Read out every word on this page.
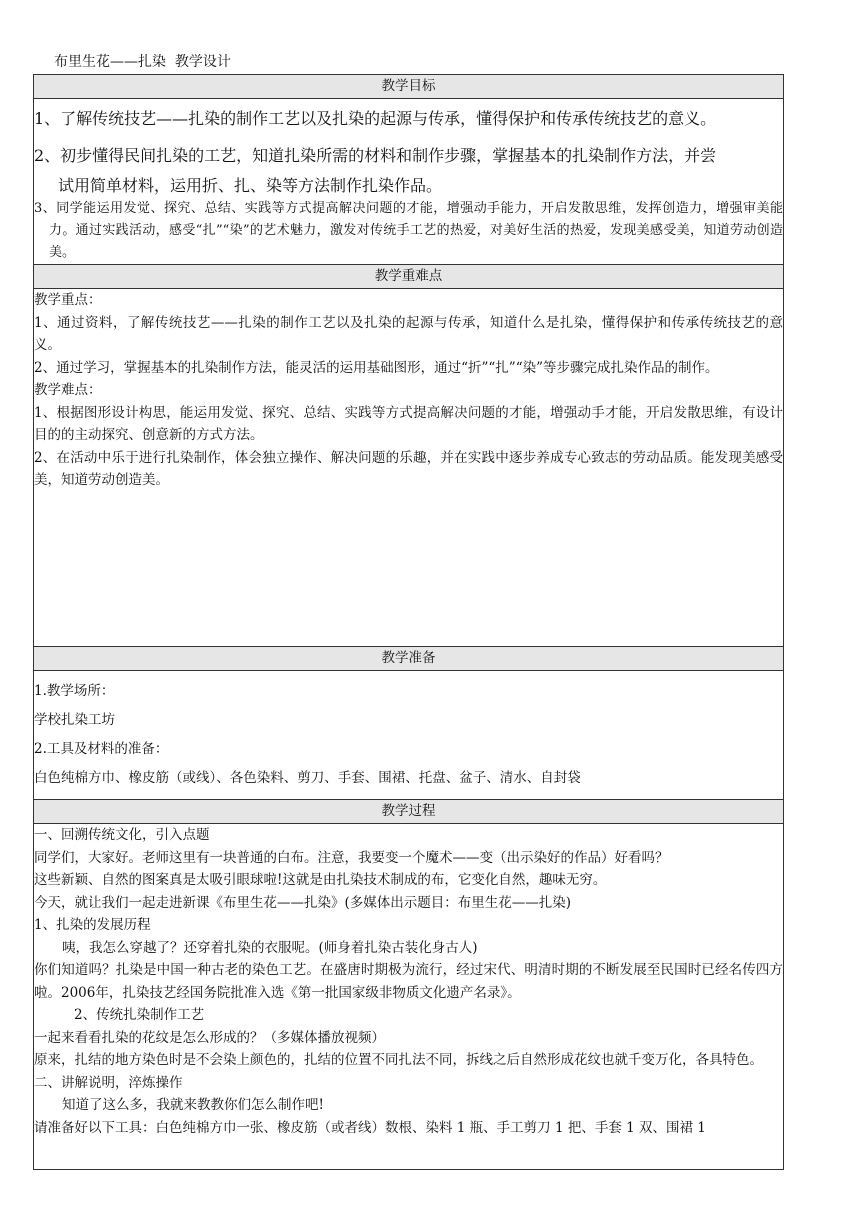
布里生花——扎染  教学设计
教学目标

1、了解传统技艺——扎染的制作工艺以及扎染的起源与传承，懂得保护和传承传统技艺的意义。

2、初步懂得民间扎染的工艺，知道扎染所需的材料和制作步骤，掌握基本的扎染制作方法，并尝

试用简单材料，运用折、扎、染等方法制作扎染作品。

3、同学能运用发觉、探究、总结、实践等方式提高解决问题的才能，增强动手能力，开启发散思维，发挥创造力，增强审美能力。通过实践活动，感受“扎”“染”的艺术魅力，激发对传统手工艺的热爱，对美好生活的热爱，发现美感受美，知道劳动创造美。

教学重难点

教学重点：

1、通过资料，了解传统技艺——扎染的制作工艺以及扎染的起源与传承，知道什么是扎染，懂得保护和传承传统技艺的意义。

2、通过学习，掌握基本的扎染制作方法，能灵活的运用基础图形，通过“折”“扎”“染”等步骤完成扎染作品的制作。

教学难点：

1、根据图形设计构思，能运用发觉、探究、总结、实践等方式提高解决问题的才能，增强动手才能，开启发散思维，有设计目的的主动探究、创意新的方式方法。

2、在活动中乐于进行扎染制作，体会独立操作、解决问题的乐趣，并在实践中逐步养成专心致志的劳动品质。能发现美感受美，知道劳动创造美。

教学准备

1.教学场所：

学校扎染工坊

2.工具及材料的准备：

白色纯棉方巾、橡皮筋（或线）、各色染料、剪刀、手套、围裙、托盘、盆子、清水、自封袋

教学过程

一、回溯传统文化，引入点题

同学们，大家好。老师这里有一块普通的白布。注意，我要变一个魔术——变（出示染好的作品）好看吗？

这些新颖、自然的图案真是太吸引眼球啦!这就是由扎染技术制成的布，它变化自然，趣味无穷。

今天，就让我们一起走进新课《布里生花——扎染》(多媒体出示题目：布里生花——扎染)

1、扎染的发展历程

咦，我怎么穿越了？还穿着扎染的衣服呢。(师身着扎染古装化身古人)

你们知道吗？扎染是中国一种古老的染色工艺。在盛唐时期极为流行，经过宋代、明清时期的不断发展至民国时已经名传四方啦。2006年，扎染技艺经国务院批准入选《第一批国家级非物质文化遗产名录》。

2、传统扎染制作工艺

一起来看看扎染的花纹是怎么形成的？（多媒体播放视频）

原来，扎结的地方染色时是不会染上颜色的，扎结的位置不同扎法不同，拆线之后自然形成花纹也就千变万化，各具特色。

二、讲解说明，淬炼操作

知道了这么多，我就来教教你们怎么制作吧!

请准备好以下工具：白色纯棉方巾一张、橡皮筋（或者线）数根、染料 1 瓶、手工剪刀 1 把、手套 1 双、围裙 1
